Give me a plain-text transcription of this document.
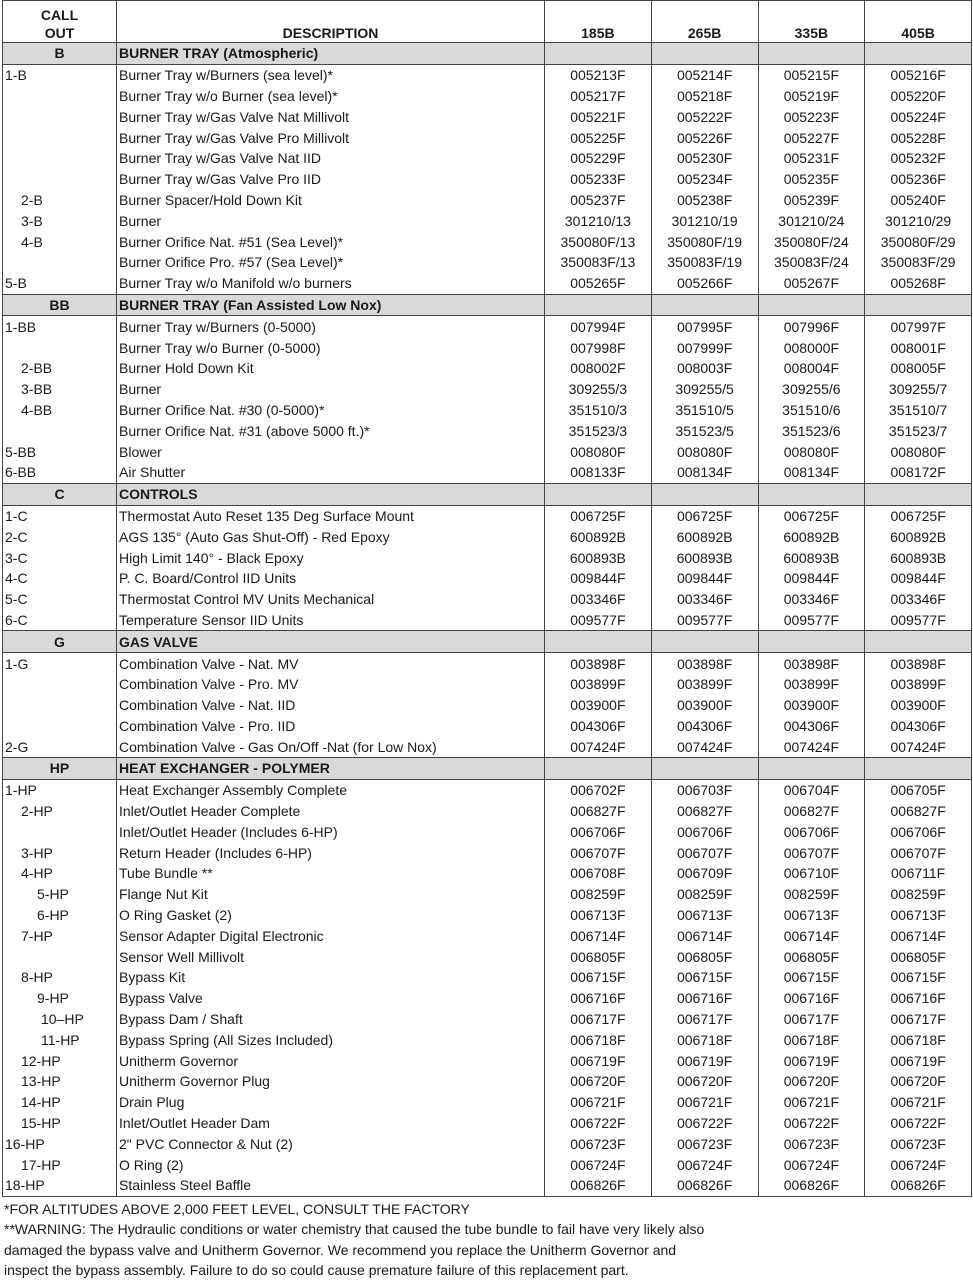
CALL
OUT	DESCRIPTION	185B	265B	335B	405B
B	BURNER TRAY (Atmospheric)				
1-B	Burner Tray w/Burners (sea level)*	005213F	005214F	005215F	005216F
	Burner Tray w/o Burner (sea level)*	005217F	005218F	005219F	005220F
	Burner Tray w/Gas Valve Nat Millivolt	005221F	005222F	005223F	005224F
	Burner Tray w/Gas Valve Pro Millivolt	005225F	005226F	005227F	005228F
	Burner Tray w/Gas Valve Nat IID	005229F	005230F	005231F	005232F
	Burner Tray w/Gas Valve Pro IID	005233F	005234F	005235F	005236F
2-B	Burner Spacer/Hold Down Kit	005237F	005238F	005239F	005240F
3-B	Burner	301210/13	301210/19	301210/24	301210/29
4-B	Burner Orifice Nat. #51 (Sea Level)*	350080F/13	350080F/19	350080F/24	350080F/29
	Burner Orifice Pro. #57 (Sea Level)*	350083F/13	350083F/19	350083F/24	350083F/29
5-B	Burner Tray w/o Manifold w/o burners	005265F	005266F	005267F	005268F
BB	BURNER TRAY (Fan Assisted Low Nox)				
1-BB	Burner Tray w/Burners (0-5000)	007994F	007995F	007996F	007997F
	Burner Tray w/o Burner (0-5000)	007998F	007999F	008000F	008001F
2-BB	Burner Hold Down Kit	008002F	008003F	008004F	008005F
3-BB	Burner	309255/3	309255/5	309255/6	309255/7
4-BB	Burner Orifice Nat. #30 (0-5000)*	351510/3	351510/5	351510/6	351510/7
	Burner Orifice Nat. #31 (above 5000 ft.)*	351523/3	351523/5	351523/6	351523/7
5-BB	Blower	008080F	008080F	008080F	008080F
6-BB	Air Shutter	008133F	008134F	008134F	008172F
C	CONTROLS				
1-C	Thermostat Auto Reset 135 Deg Surface Mount	006725F	006725F	006725F	006725F
2-C	AGS 135° (Auto Gas Shut-Off) - Red Epoxy	600892B	600892B	600892B	600892B
3-C	High Limit 140° - Black Epoxy	600893B	600893B	600893B	600893B
4-C	P. C. Board/Control IID Units	009844F	009844F	009844F	009844F
5-C	Thermostat Control MV Units Mechanical	003346F	003346F	003346F	003346F
6-C	Temperature Sensor IID Units	009577F	009577F	009577F	009577F
G	GAS VALVE				
1-G	Combination Valve - Nat. MV	003898F	003898F	003898F	003898F
	Combination Valve - Pro. MV	003899F	003899F	003899F	003899F
	Combination Valve - Nat. IID	003900F	003900F	003900F	003900F
	Combination Valve - Pro. IID	004306F	004306F	004306F	004306F
2-G	Combination Valve - Gas On/Off -Nat (for Low Nox)	007424F	007424F	007424F	007424F
HP	HEAT EXCHANGER - POLYMER				
1-HP	Heat Exchanger Assembly Complete	006702F	006703F	006704F	006705F
2-HP	Inlet/Outlet Header Complete	006827F	006827F	006827F	006827F
	Inlet/Outlet Header (Includes 6-HP)	006706F	006706F	006706F	006706F
3-HP	Return Header (Includes 6-HP)	006707F	006707F	006707F	006707F
4-HP	Tube Bundle **	006708F	006709F	006710F	006711F
5-HP	Flange Nut Kit	008259F	008259F	008259F	008259F
6-HP	O Ring Gasket (2)	006713F	006713F	006713F	006713F
7-HP	Sensor Adapter Digital Electronic	006714F	006714F	006714F	006714F
	Sensor Well Millivolt	006805F	006805F	006805F	006805F
8-HP	Bypass Kit	006715F	006715F	006715F	006715F
9-HP	Bypass Valve	006716F	006716F	006716F	006716F
10–HP	Bypass Dam / Shaft	006717F	006717F	006717F	006717F
11-HP	Bypass Spring (All Sizes Included)	006718F	006718F	006718F	006718F
12-HP	Unitherm Governor	006719F	006719F	006719F	006719F
13-HP	Unitherm Governor Plug	006720F	006720F	006720F	006720F
14-HP	Drain Plug	006721F	006721F	006721F	006721F
15-HP	Inlet/Outlet Header Dam	006722F	006722F	006722F	006722F
16-HP	2" PVC Connector & Nut (2)	006723F	006723F	006723F	006723F
17-HP	O Ring (2)	006724F	006724F	006724F	006724F
18-HP	Stainless Steel Baffle	006826F	006826F	006826F	006826F
*FOR ALTITUDES ABOVE 2,000 FEET LEVEL, CONSULT THE FACTORY
**WARNING: The Hydraulic conditions or water chemistry that caused the tube bundle to fail have very likely also
damaged the bypass valve and Unitherm Governor. We recommend you replace the Unitherm Governor and
inspect the bypass assembly. Failure to do so could cause premature failure of this replacement part.
